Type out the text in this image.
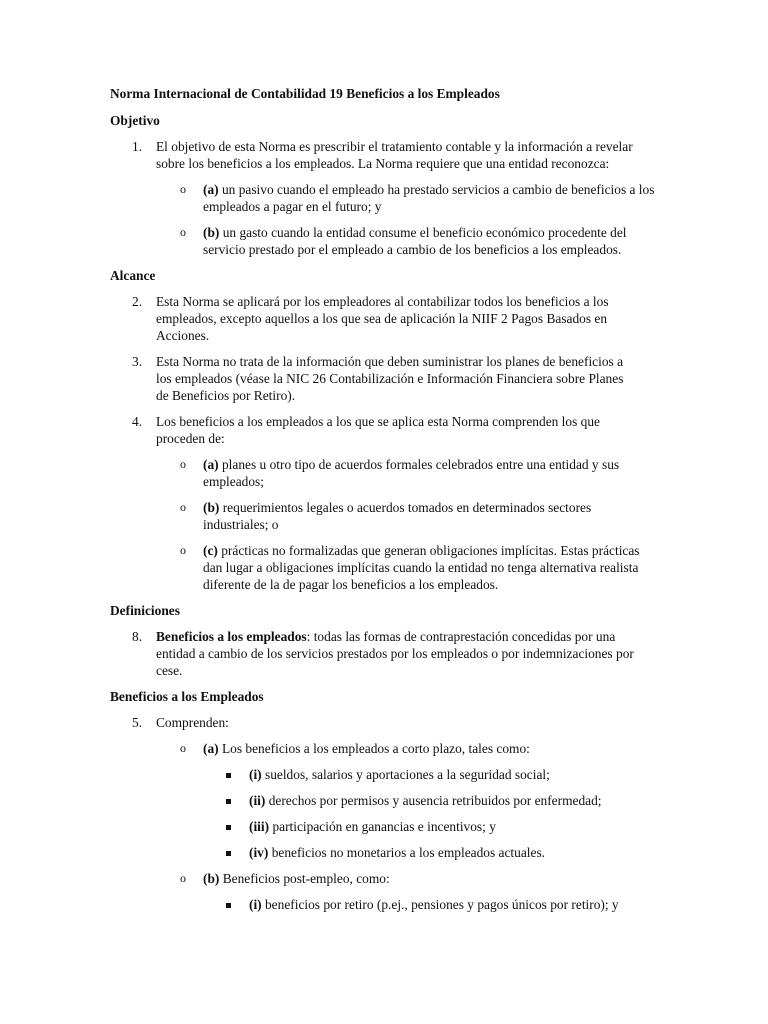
Norma Internacional de Contabilidad 19 Beneficios a los Empleados
Objetivo
1. El objetivo de esta Norma es prescribir el tratamiento contable y la información a revelar sobre los beneficios a los empleados. La Norma requiere que una entidad reconozca:
o (a) un pasivo cuando el empleado ha prestado servicios a cambio de beneficios a los empleados a pagar en el futuro; y
o (b) un gasto cuando la entidad consume el beneficio económico procedente del servicio prestado por el empleado a cambio de los beneficios a los empleados.
Alcance
2. Esta Norma se aplicará por los empleadores al contabilizar todos los beneficios a los empleados, excepto aquellos a los que sea de aplicación la NIIF 2 Pagos Basados en Acciones.
3. Esta Norma no trata de la información que deben suministrar los planes de beneficios a los empleados (véase la NIC 26 Contabilización e Información Financiera sobre Planes de Beneficios por Retiro).
4. Los beneficios a los empleados a los que se aplica esta Norma comprenden los que proceden de:
o (a) planes u otro tipo de acuerdos formales celebrados entre una entidad y sus empleados;
o (b) requerimientos legales o acuerdos tomados en determinados sectores industriales; o
o (c) prácticas no formalizadas que generan obligaciones implícitas. Estas prácticas dan lugar a obligaciones implícitas cuando la entidad no tenga alternativa realista diferente de la de pagar los beneficios a los empleados.
Definiciones
8. Beneficios a los empleados: todas las formas de contraprestación concedidas por una entidad a cambio de los servicios prestados por los empleados o por indemnizaciones por cese.
Beneficios a los Empleados
5. Comprenden:
o (a) Los beneficios a los empleados a corto plazo, tales como:
(i) sueldos, salarios y aportaciones a la seguridad social;
(ii) derechos por permisos y ausencia retribuidos por enfermedad;
(iii) participación en ganancias e incentivos; y
(iv) beneficios no monetarios a los empleados actuales.
o (b) Beneficios post-empleo, como:
(i) beneficios por retiro (p.ej., pensiones y pagos únicos por retiro); y
